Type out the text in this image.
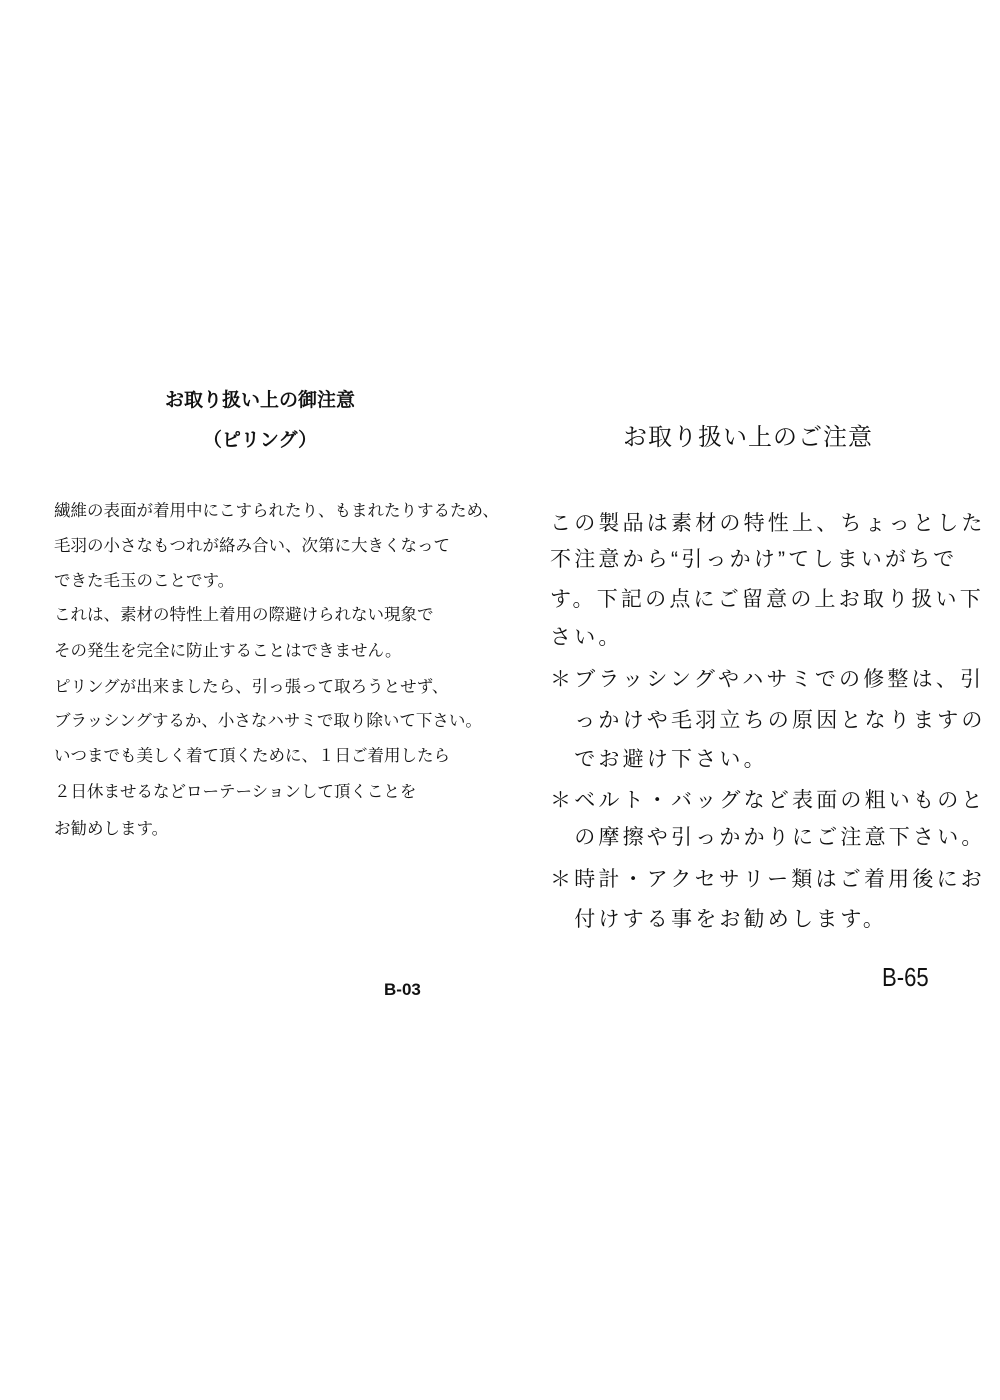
お取り扱い上の御注意
（ピリング）
繊維の表面が着用中にこすられたり、もまれたりするため、
毛羽の小さなもつれが絡み合い、次第に大きくなって
できた毛玉のことです。
これは、素材の特性上着用の際避けられない現象で
その発生を完全に防止することはできません。
ピリングが出来ましたら、引っ張って取ろうとせず、
ブラッシングするか、小さなハサミで取り除いて下さい。
いつまでも美しく着て頂くために、１日ご着用したら
２日休ませるなどローテーションして頂くことを
お勧めします。
B-03
お取り扱い上のご注意
この製品は素材の特性上、ちょっとした
不注意から“引っかけ”てしまいがちで
す。下記の点にご留意の上お取り扱い下
さい。
＊ブラッシングやハサミでの修整は、引
　っかけや毛羽立ちの原因となりますの
　でお避け下さい。
＊ベルト・バッグなど表面の粗いものと
　の摩擦や引っかかりにご注意下さい。
＊時計・アクセサリー類はご着用後にお
　付けする事をお勧めします。
B-65
